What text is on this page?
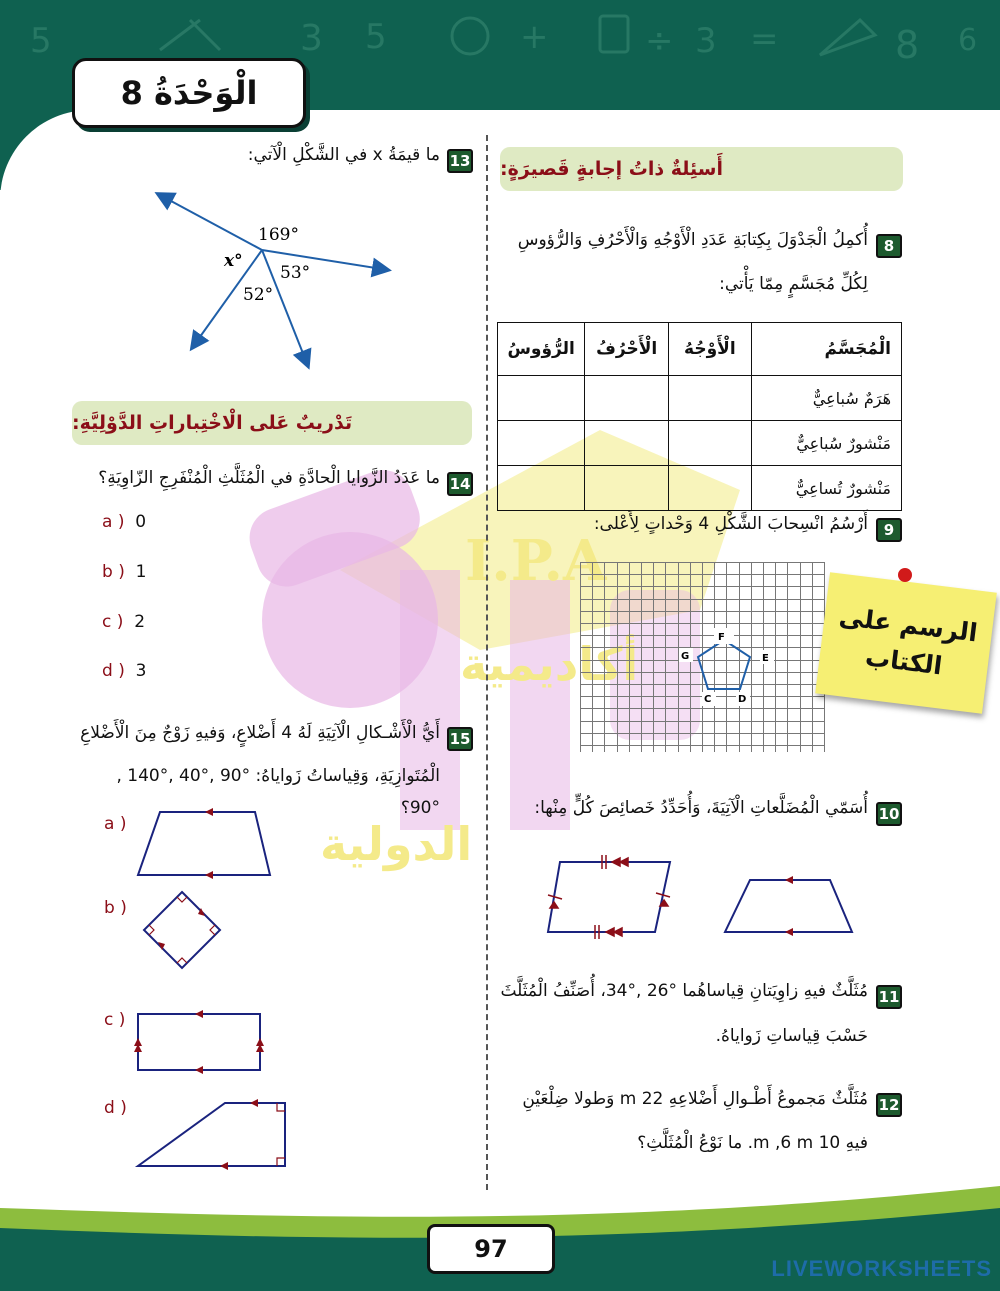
5	3 5	+	÷ 3 =	8 6
الْوَحْدَةُ 8
I.P.A
أكاديمية
الدولية
أَسئِلةٌ ذاتُ إجابةٍ قَصيرَةٍ:
8
أُكمِلُ الْجَدْوَلَ بِكِتابَةِ عَدَدِ الْأَوْجُهِ وَالْأَحْرُفِ وَالرُّؤوسِ
لِكُلِّ مُجَسَّمٍ مِمّا يَأْتي:
الْمُجَسَّمُ	الْأَوْجُهُ	الْأَحْرُفُ	الرُّؤوسُ
هَرَمٌ سُباعِيٌّ			
مَنْشورٌ سُباعِيٌّ			
مَنْشورٌ تُساعِيٌّ			
9
أَرْسُمُ انْسِحابَ الشَّكْلِ 4 وَحْداتٍ لِأَعْلى:
F
E
D
C
G
الرسم على
الكتاب
10
أُسَمّي الْمُضَلَّعاتِ الْآتِيَةَ، وَأُحَدِّدُ خَصائِصَ كُلٍّ مِنْها:
11
مُثَلَّثٌ فيهِ زاوِيَتانِ قِياساهُما °26 ,°34، أُصَنِّفُ الْمُثَلَّثَ
حَسْبَ قِياساتِ زَواياهُ.
12
مُثَلَّثٌ مَجموعُ أَطْـوالِ أَضْلاعِهِ 22 m وَطولا ضِلْعَيْنِ
فيهِ 10 m ,6 m. ما نَوْعُ الْمُثَلَّثِ؟
13
ما قيمَةُ x في الشَّكْلِ الْآتي:
169°
53°
52°
x°
تَدْريبٌ عَلى الْاخْتِباراتِ الدَّوْلِيَّةِ:
14
ما عَدَدُ الزَّوايا الْحادَّةِ في الْمُثَلَّثِ الْمُنْفَرِجِ الزّاوِيَةِ؟
a ) 0
b ) 1
c ) 2
d ) 3
15
أَيُّ الْأَشْـكالِ الْآتِيَةِ لَهُ 4 أَضْلاعٍ، وَفيهِ زَوْجٌ مِنَ الْأَضْلاعِ
الْمُتَوازِيَةِ، وَقِياساتُ زَواياهُ: °90 ,°40 ,°140 ,°90؟
a )
b )
c )
d )
97
LIVEWORKSHEETS
